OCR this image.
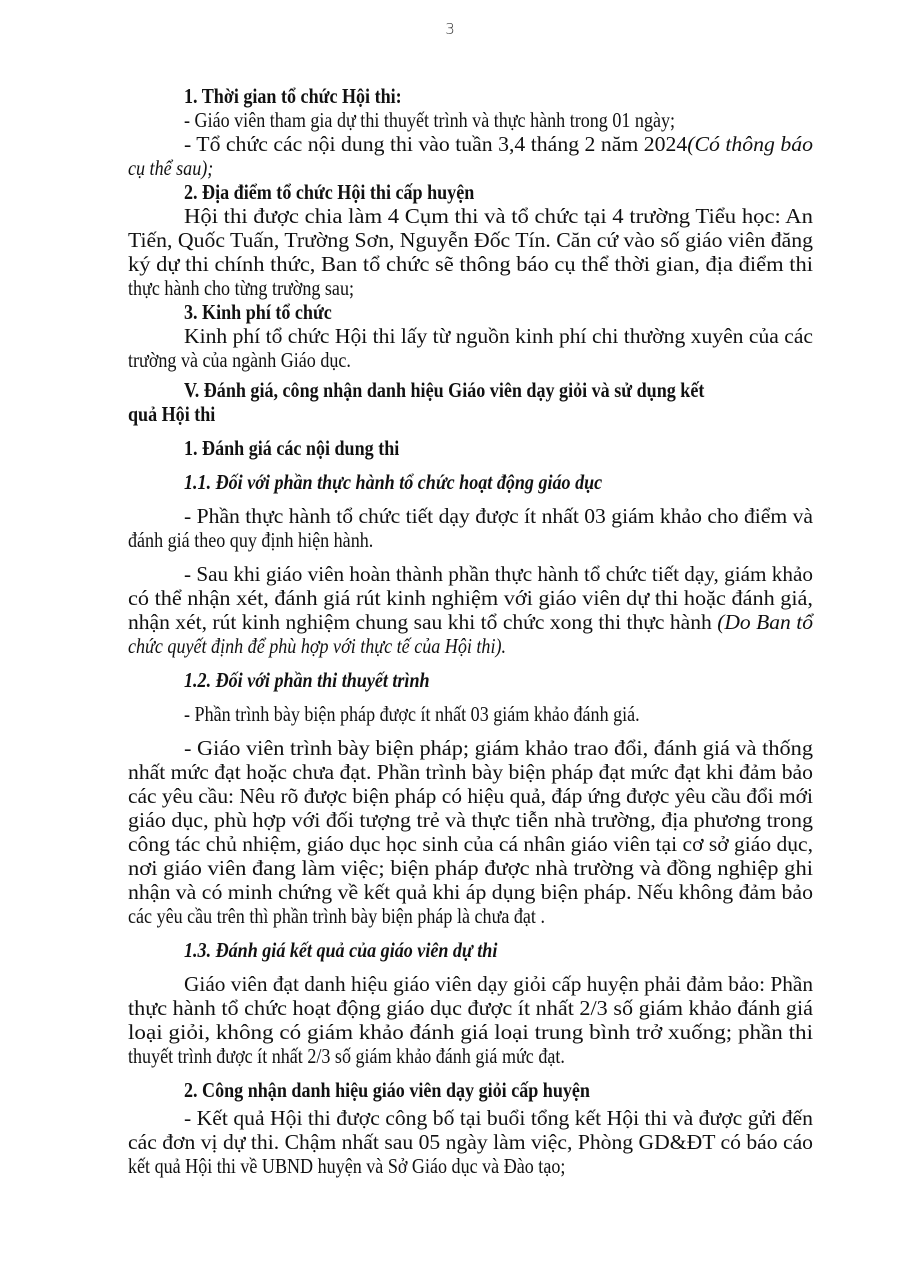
3
1. Thời gian tổ chức Hội thi:
- Giáo viên tham gia dự thi thuyết trình và thực hành trong 01 ngày;
- Tổ chức các nội dung thi vào tuần 3,4 tháng 2 năm 2024(Có thông báo
cụ thể sau);
2. Địa điểm tổ chức Hội thi cấp huyện
Hội thi được chia làm 4 Cụm thi và tổ chức tại 4 trường Tiểu học: An
Tiến, Quốc Tuấn, Trường Sơn, Nguyễn Đốc Tín. Căn cứ vào số giáo viên đăng
ký dự thi chính thức, Ban tổ chức sẽ thông báo cụ thể thời gian, địa điểm thi
thực hành cho từng trường sau;
3. Kinh phí tổ chức
Kinh phí tổ chức Hội thi lấy từ nguồn kinh phí chi thường xuyên của các
trường và của ngành Giáo dục.
V. Đánh giá, công nhận danh hiệu Giáo viên dạy giỏi và sử dụng kết
quả Hội thi
1. Đánh giá các nội dung thi
1.1. Đối với phần thực hành tổ chức hoạt động giáo dục
- Phần thực hành tổ chức tiết dạy được ít nhất 03 giám khảo cho điểm và
đánh giá theo quy định hiện hành.
- Sau khi giáo viên hoàn thành phần thực hành tổ chức tiết dạy, giám khảo
có thể nhận xét, đánh giá rút kinh nghiệm với giáo viên dự thi hoặc đánh giá,
nhận xét, rút kinh nghiệm chung sau khi tổ chức xong thi thực hành (Do Ban tổ
chức quyết định để phù hợp với thực tế của Hội thi).
1.2. Đối với phần thi thuyết trình
- Phần trình bày biện pháp được ít nhất 03 giám khảo đánh giá.
- Giáo viên trình bày biện pháp; giám khảo trao đổi, đánh giá và thống
nhất mức đạt hoặc chưa đạt. Phần trình bày biện pháp đạt mức đạt khi đảm bảo
các yêu cầu: Nêu rõ được biện pháp có hiệu quả, đáp ứng được yêu cầu đổi mới
giáo dục, phù hợp với đối tượng trẻ và thực tiễn nhà trường, địa phương trong
công tác chủ nhiệm, giáo dục học sinh của cá nhân giáo viên tại cơ sở giáo dục,
nơi giáo viên đang làm việc; biện pháp được nhà trường và đồng nghiệp ghi
nhận và có minh chứng về kết quả khi áp dụng biện pháp. Nếu không đảm bảo
các yêu cầu trên thì phần trình bày biện pháp là chưa đạt .
1.3. Đánh giá kết quả của giáo viên dự thi
Giáo viên đạt danh hiệu giáo viên dạy giỏi cấp huyện phải đảm bảo: Phần
thực hành tổ chức hoạt động giáo dục được ít nhất 2/3 số giám khảo đánh giá
loại giỏi, không có giám khảo đánh giá loại trung bình trở xuống; phần thi
thuyết trình được ít nhất 2/3 số giám khảo đánh giá mức đạt.
2. Công nhận danh hiệu giáo viên dạy giỏi cấp huyện
- Kết quả Hội thi được công bố tại buổi tổng kết Hội thi và được gửi đến
các đơn vị dự thi. Chậm nhất sau 05 ngày làm việc, Phòng GD&ĐT có báo cáo
kết quả Hội thi về UBND huyện và Sở Giáo dục và Đào tạo;
